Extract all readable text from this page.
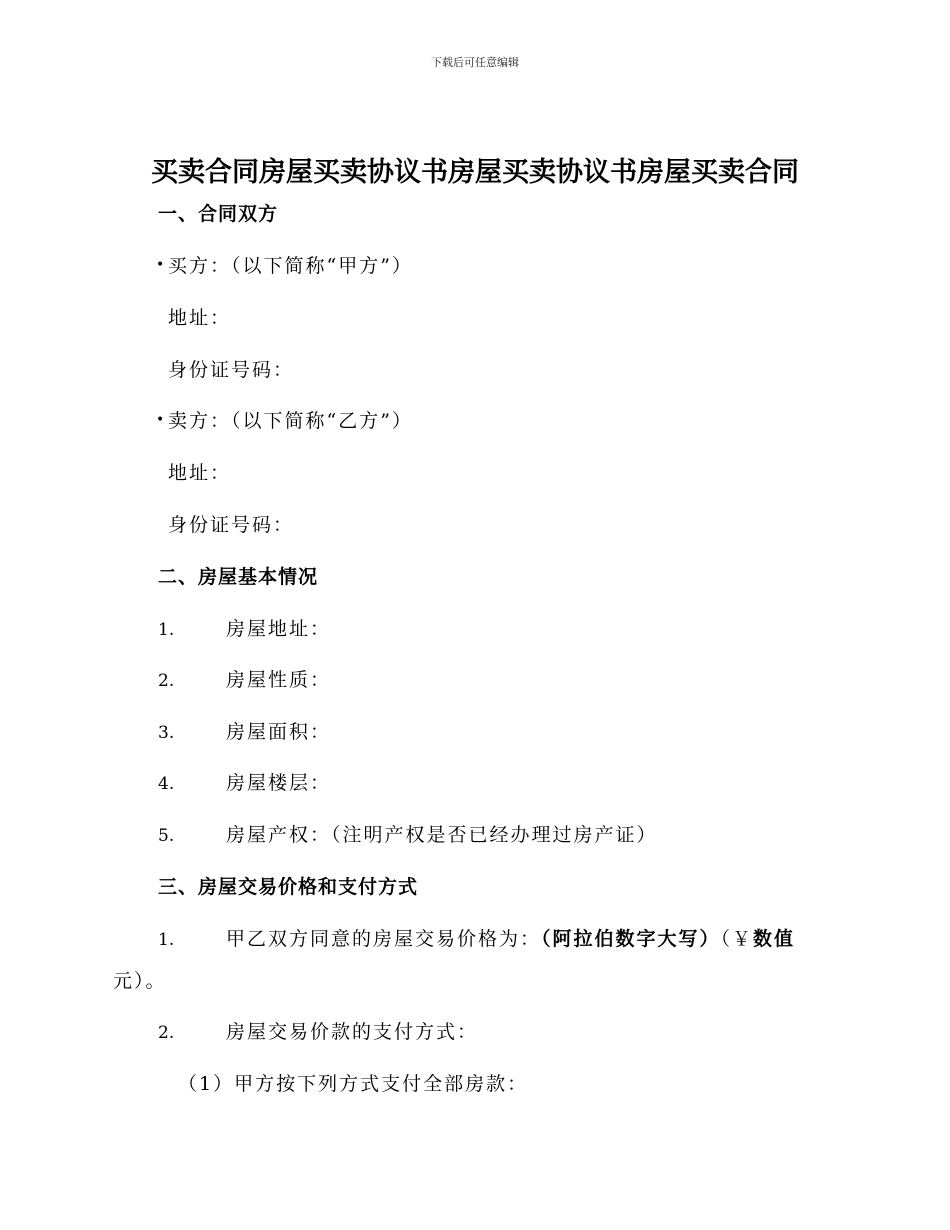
下载后可任意编辑
买卖合同房屋买卖协议书房屋买卖协议书房屋买卖合同
一、合同双方
•买方：（以下简称“甲方”）
地址：
身份证号码：
•卖方：（以下简称“乙方”）
地址：
身份证号码：
二、房屋基本情况
1.	房屋地址：
2.	房屋性质：
3.	房屋面积：
4.	房屋楼层：
5.	房屋产权：（注明产权是否已经办理过房产证）
三、房屋交易价格和支付方式
1.	甲乙双方同意的房屋交易价格为：（阿拉伯数字大写）（￥数值
元）。
2.	房屋交易价款的支付方式：
（1）甲方按下列方式支付全部房款：
